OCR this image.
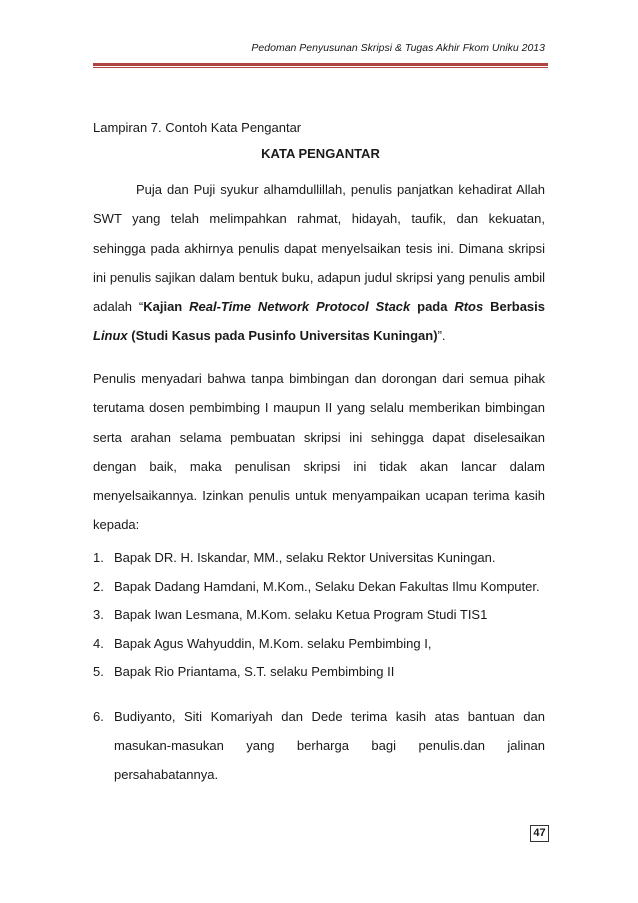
Pedoman Penyusunan Skripsi & Tugas Akhir Fkom Uniku 2013
Lampiran 7. Contoh Kata Pengantar
KATA PENGANTAR
Puja dan Puji syukur alhamdullillah, penulis panjatkan kehadirat Allah SWT yang telah melimpahkan rahmat, hidayah, taufik, dan kekuatan, sehingga pada akhirnya penulis dapat menyelsaikan tesis ini. Dimana skripsi ini penulis sajikan dalam bentuk buku, adapun judul skripsi yang penulis ambil adalah “Kajian Real-Time Network Protocol Stack pada Rtos Berbasis Linux (Studi Kasus pada Pusinfo Universitas Kuningan)”.
Penulis menyadari bahwa tanpa bimbingan dan dorongan dari semua pihak terutama dosen pembimbing I maupun II yang selalu memberikan bimbingan serta arahan selama pembuatan skripsi ini sehingga dapat diselesaikan dengan baik, maka penulisan skripsi ini tidak akan lancar dalam menyelsaikannya. Izinkan penulis untuk menyampaikan ucapan terima kasih kepada:
1. Bapak DR. H. Iskandar, MM., selaku Rektor Universitas Kuningan.
2. Bapak Dadang Hamdani, M.Kom., Selaku Dekan Fakultas Ilmu Komputer.
3. Bapak Iwan Lesmana, M.Kom. selaku Ketua Program Studi TIS1
4. Bapak Agus Wahyuddin, M.Kom. selaku Pembimbing I,
5. Bapak Rio Priantama, S.T. selaku Pembimbing II
6. Budiyanto, Siti Komariyah dan Dede terima kasih atas bantuan dan masukan-masukan yang berharga bagi penulis.dan jalinan persahabatannya.
47
